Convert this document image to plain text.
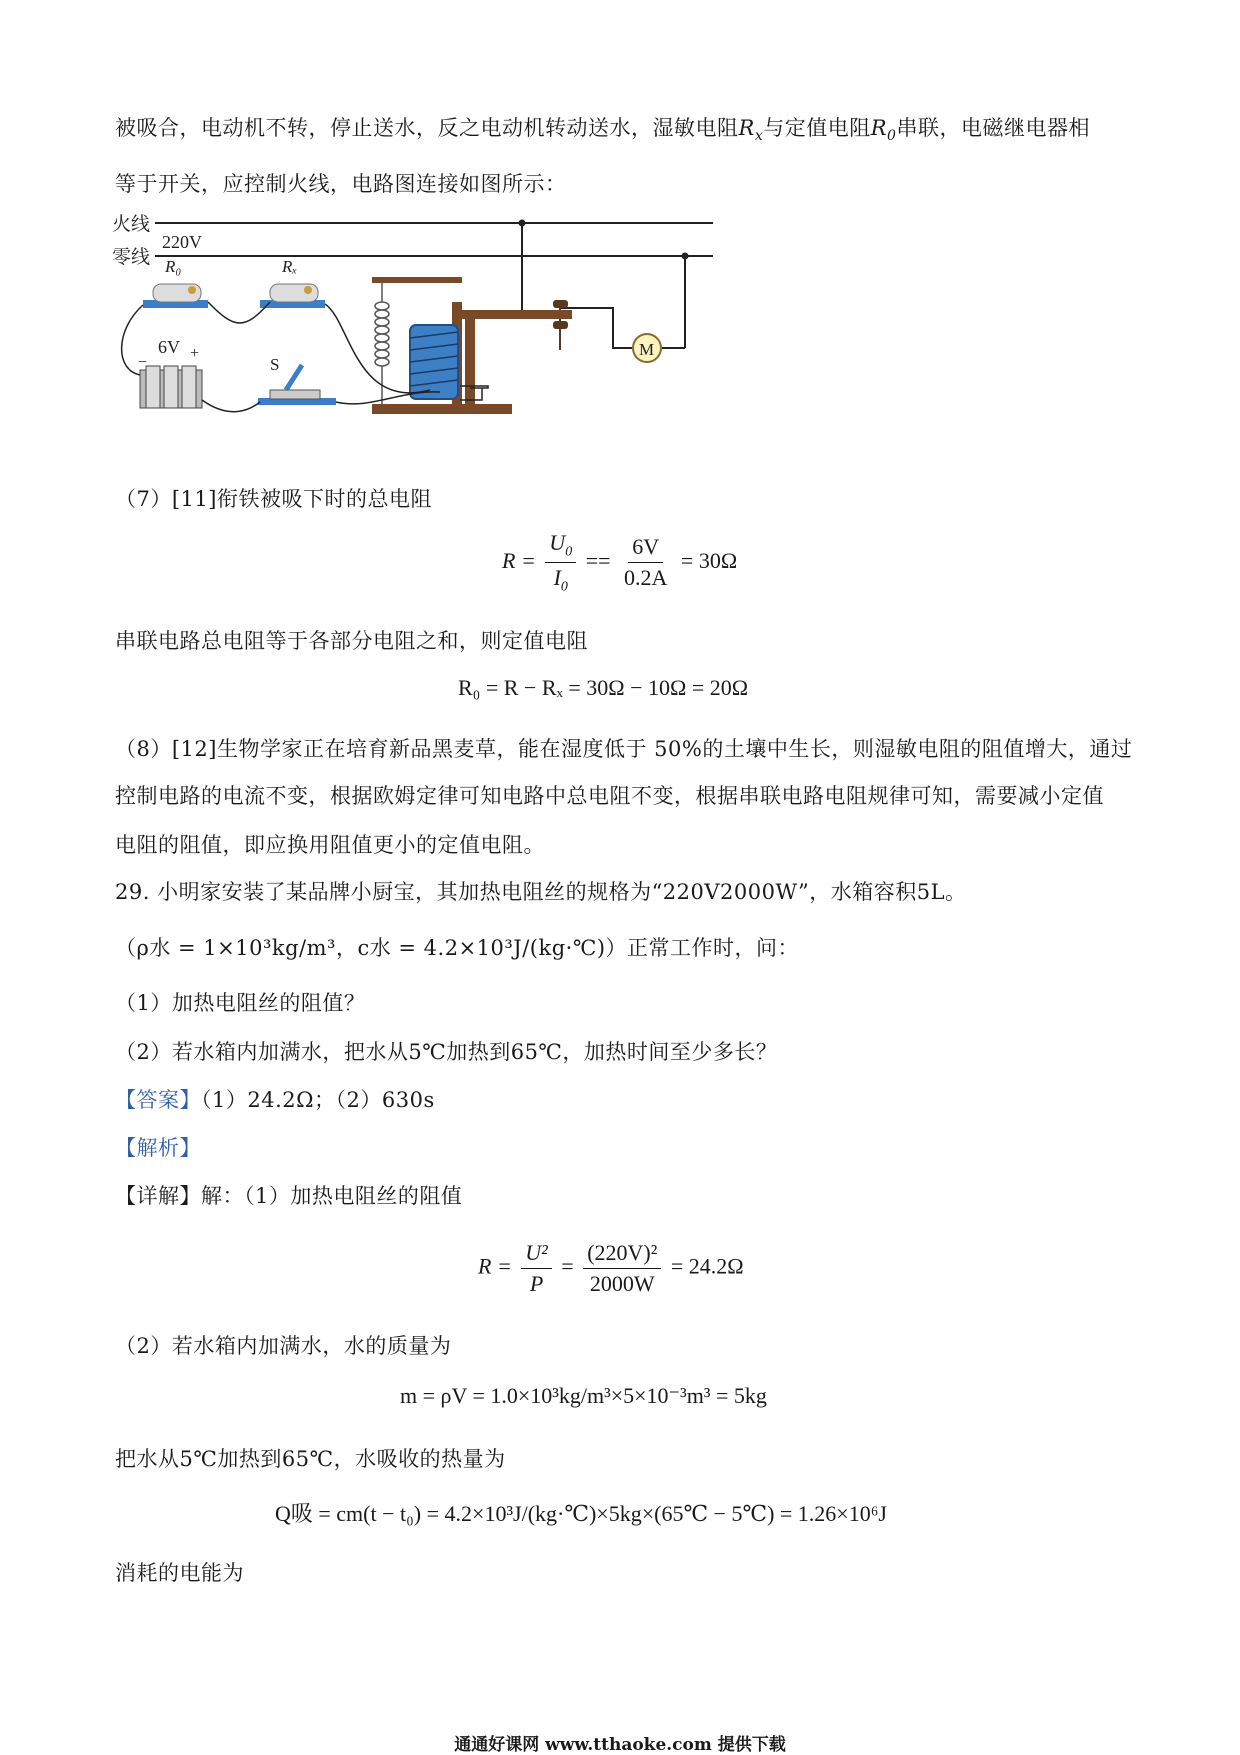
被吸合，电动机不转，停止送水，反之电动机转动送水，湿敏电阻$R_x$与定值电阻$R_0$串联，电磁继电器相
等于开关，应控制火线，电路图连接如图所示：
火线
零线
220V
M
R₀	Rₓ
6V
−
+
S
（7）[11]衔铁被吸下时的总电阻
$R = \frac{U_0}{I_0} == \frac{6V}{0.2A} = 30\Omega$
串联电路总电阻等于各部分电阻之和，则定值电阻
R₀ = R − Rₓ = 30Ω − 10Ω = 20Ω
（8）[12]生物学家正在培育新品黑麦草，能在湿度低于 50%的土壤中生长，则湿敏电阻的阻值增大，通过
控制电路的电流不变，根据欧姆定律可知电路中总电阻不变，根据串联电路电阻规律可知，需要减小定值
电阻的阻值，即应换用阻值更小的定值电阻。
29. 小明家安装了某品牌小厨宝，其加热电阻丝的规格为“220V2000W”，水箱容积5L。
（ρ水 = 1×10³kg/m³，c水 = 4.2×10³J/(kg·℃)）正常工作时，问：
（1）加热电阻丝的阻值？
（2）若水箱内加满水，把水从5℃加热到65℃，加热时间至少多长？
【答案】（1）24.2Ω；（2）630s
【解析】
【详解】解：（1）加热电阻丝的阻值
$R = \frac{\text{U²}}{P} = \frac{\text{(220V)²}}{2000W} = 24.2\Omega$
（2）若水箱内加满水，水的质量为
m = ρV = 1.0×10³kg/m³×5×10⁻³m³ = 5kg
把水从5℃加热到65℃，水吸收的热量为
Q吸 = cm(t − t₀) = 4.2×10³J/(kg·℃)×5kg×(65℃ − 5℃) = 1.26×10⁶J
消耗的电能为
通通好课网 www.tthaoke.com 提供下载
